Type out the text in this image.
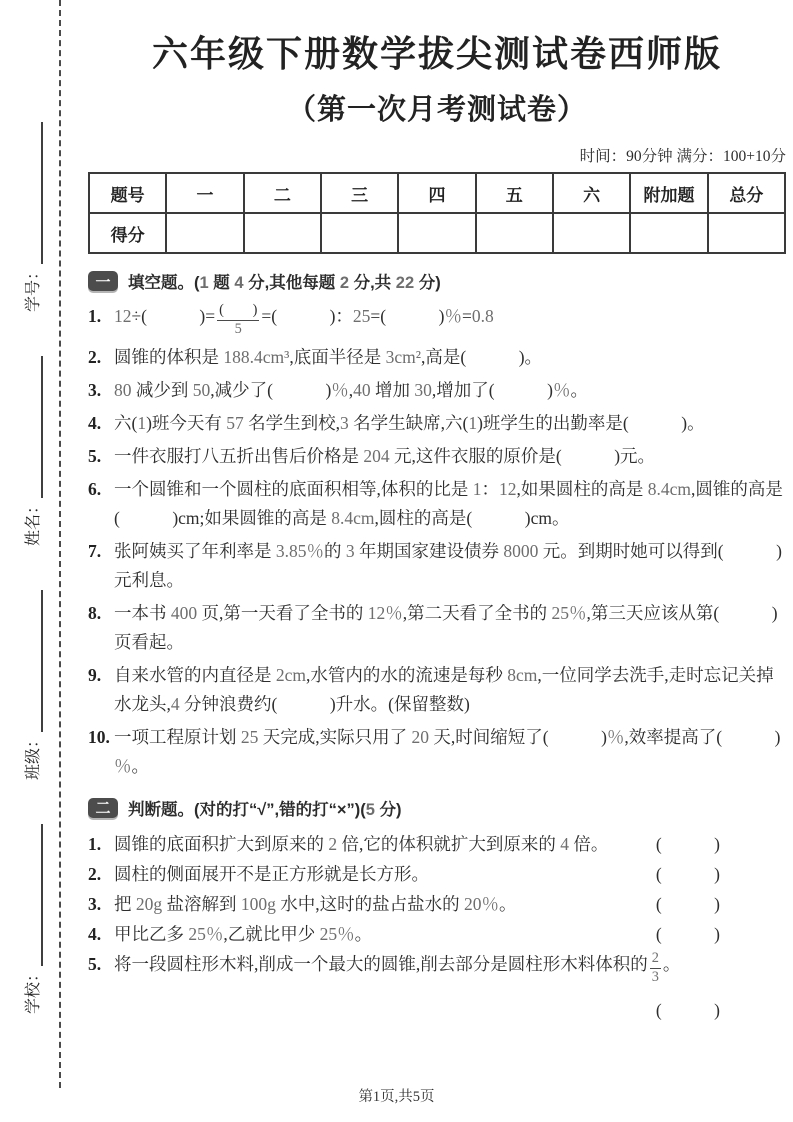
学校：
班级：
姓名：
学号：
六年级下册数学拔尖测试卷西师版
（第一次月考测试卷）
时间：90分钟 满分：100+10分
题号	一	二	三	四	五	六	附加题	总分
得分								
一	填空题。 (1 题 4 分,其他每题 2 分,共 22 分)
1. 12÷(　　　)= $\frac{( )}{5}$ =(　　　)：25=(　　　)％=0.8
2. 圆锥的体积是 188.4cm³,底面半径是 3cm²,高是(　　　)。
3. 80 减少到 50,减少了(　　　)％,40 增加 30,增加了(　　　)％。
4. 六(1)班今天有 57 名学生到校,3 名学生缺席,六(1)班学生的出勤率是(　　　)。
5. 一件衣服打八五折出售后价格是 204 元,这件衣服的原价是(　　　)元。
6. 一个圆锥和一个圆柱的底面积相等,体积的比是 1：12,如果圆柱的高是 8.4cm,圆锥的高是(　　　)cm;如果圆锥的高是 8.4cm,圆柱的高是(　　　)cm。
7. 张阿姨买了年利率是 3.85％的 3 年期国家建设债券 8000 元。到期时她可以得到(　　　)元利息。
8. 一本书 400 页,第一天看了全书的 12％,第二天看了全书的 25％,第三天应该从第(　　　)页看起。
9. 自来水管的内直径是 2cm,水管内的水的流速是每秒 8cm,一位同学去洗手,走时忘记关掉水龙头,4 分钟浪费约(　　　)升水。(保留整数)
10. 一项工程原计划 25 天完成,实际只用了 20 天,时间缩短了(　　　)％,效率提高了(　　　)％。
二	判断题。 (对的打“√”,错的打“×”)(5 分)
1. 圆锥的底面积扩大到原来的 2 倍,它的体积就扩大到原来的 4 倍。	(　　　)
2. 圆柱的侧面展开不是正方形就是长方形。	(　　　)
3. 把 20g 盐溶解到 100g 水中,这时的盐占盐水的 20％。	(　　　)
4. 甲比乙多 25％,乙就比甲少 25％。	(　　　)
5. 将一段圆柱形木料,削成一个最大的圆锥,削去部分是圆柱形木料体积的 $\frac{2}{3}$ 。
(　　　)
第1页,共5页
